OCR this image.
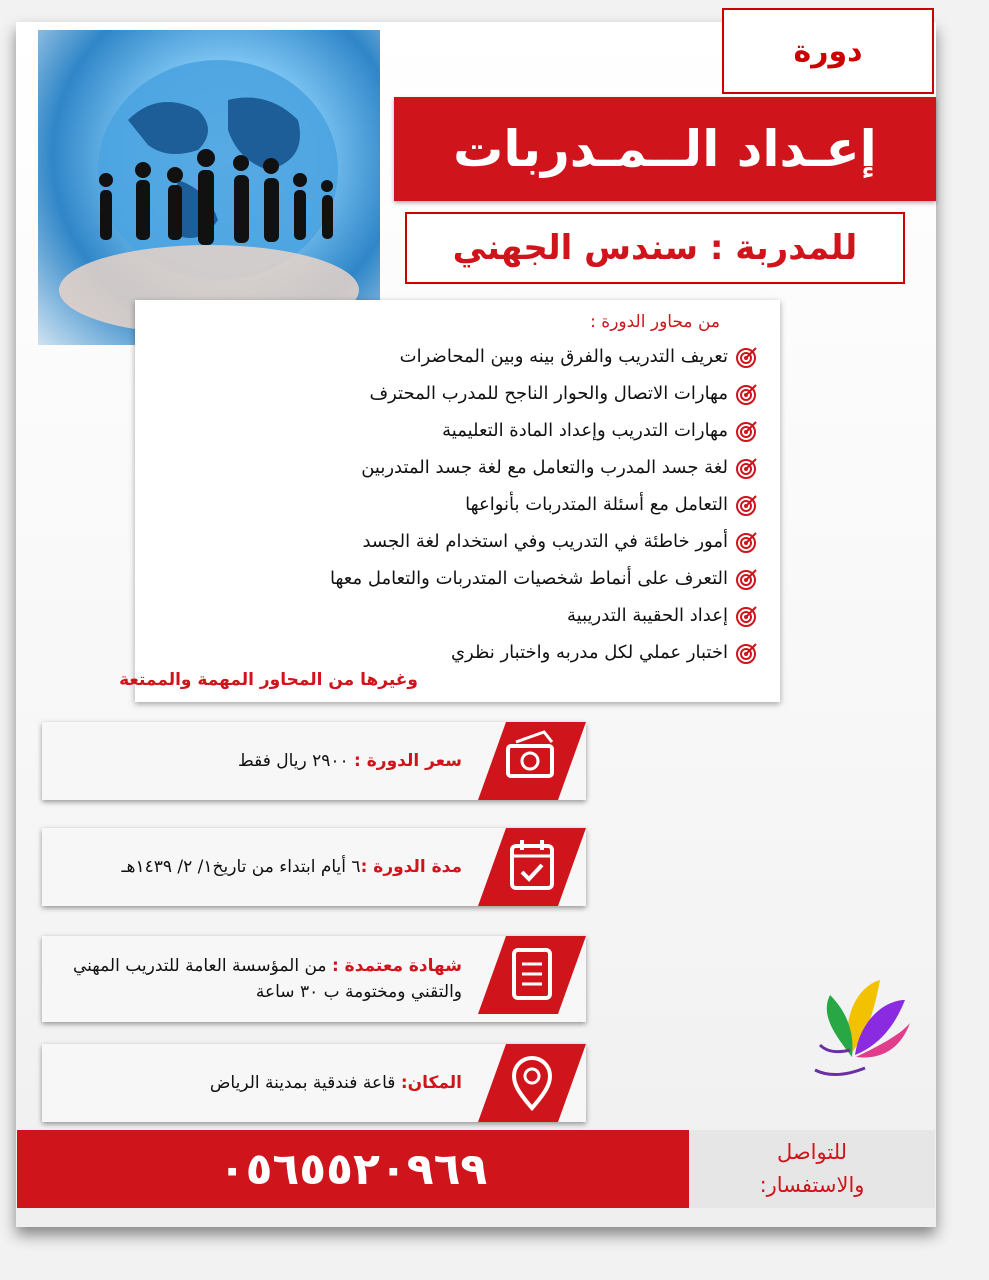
دورة
إعـداد الــمـدربات
للمدربة : سندس الجهني
من محاور الدورة :
تعريف التدريب والفرق بينه وبين المحاضرات
مهارات الاتصال والحوار الناجح للمدرب المحترف
مهارات التدريب وإعداد المادة التعليمية
لغة جسد المدرب والتعامل مع لغة جسد المتدربين
التعامل مع أسئلة المتدربات بأنواعها
أمور خاطئة في التدريب وفي استخدام لغة الجسد
التعرف على أنماط شخصيات المتدربات والتعامل معها
إعداد الحقيبة التدريبية
اختبار عملي لكل مدربه واختبار نظري
وغيرها من المحاور المهمة والممتعة
سعر الدورة : ٢٩٠٠ ريال فقط
مدة الدورة :٦ أيام ابتداء من تاريخ١/ ٢/ ١٤٣٩هـ
شهادة معتمدة : من المؤسسة العامة للتدريب المهني والتقني ومختومة ب ٣٠ ساعة
المكان: قاعة فندقية بمدينة الرياض
٠٥٦٥٥٢٠٩٦٩	للتواصل
والاستفسار:
